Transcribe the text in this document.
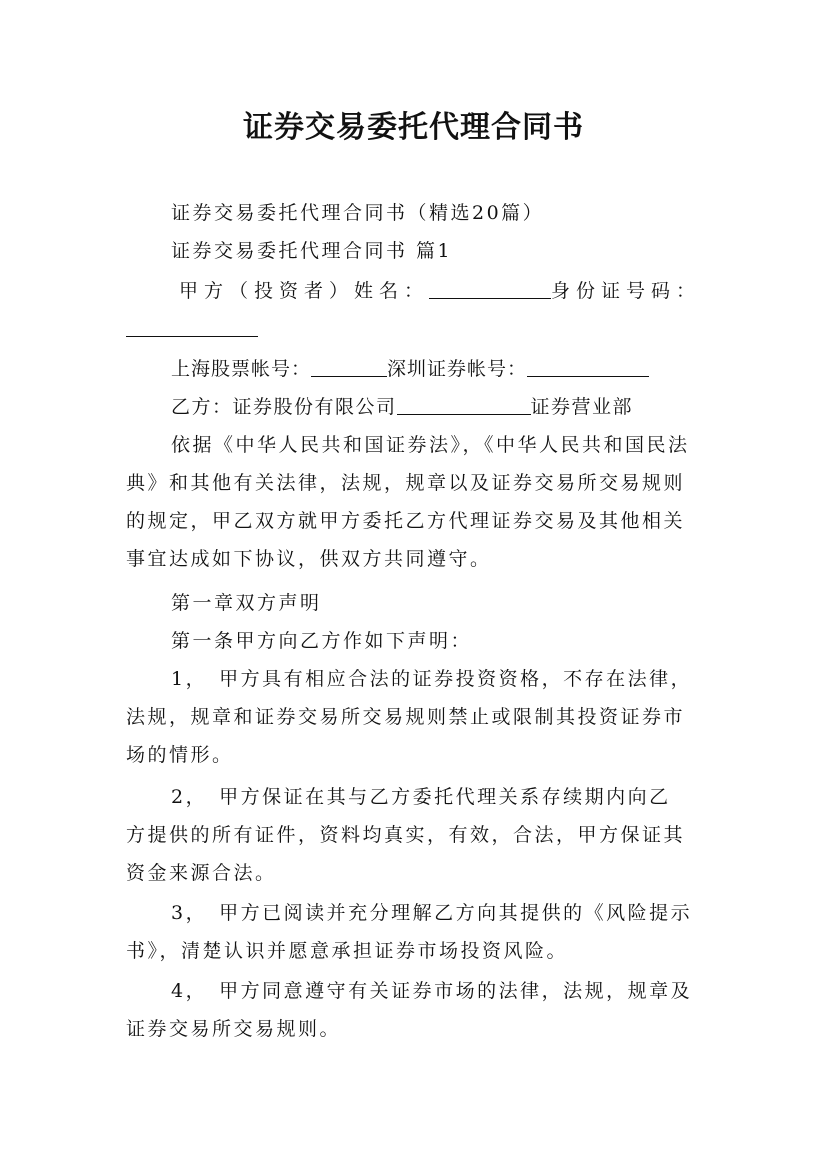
证券交易委托代理合同书
证券交易委托代理合同书（精选20篇）
证券交易委托代理合同书 篇1
甲方（投资者）姓名：	身份证号码：
上海股票帐号：	深圳证券帐号：
乙方：证券股份有限公司	证券营业部
依据《中华人民共和国证券法》，《中华人民共和国民法
典》和其他有关法律，法规，规章以及证券交易所交易规则
的规定，甲乙双方就甲方委托乙方代理证券交易及其他相关
事宜达成如下协议，供双方共同遵守。
第一章双方声明
第一条甲方向乙方作如下声明：
1，　甲方具有相应合法的证券投资资格，不存在法律，
法规，规章和证券交易所交易规则禁止或限制其投资证券市
场的情形。
2，　甲方保证在其与乙方委托代理关系存续期内向乙
方提供的所有证件，资料均真实，有效，合法，甲方保证其
资金来源合法。
3，　甲方已阅读并充分理解乙方向其提供的《风险提示
书》，清楚认识并愿意承担证券市场投资风险。
4，　甲方同意遵守有关证券市场的法律，法规，规章及
证券交易所交易规则。
